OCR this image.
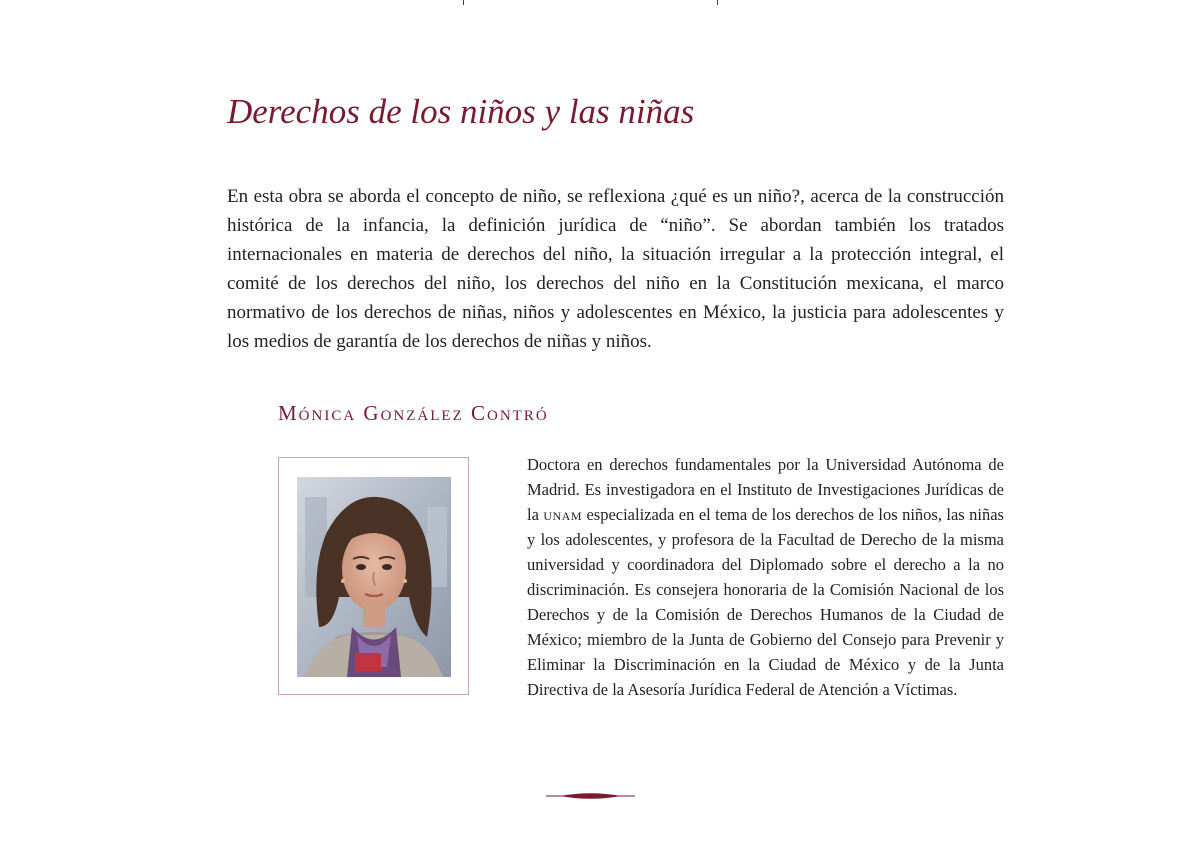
Derechos de los niños y las niñas

En esta obra se aborda el concepto de niño, se reflexiona ¿qué es un niño?, acerca de la construcción histórica de la infancia, la definición jurídica de “niño”. Se abordan también los tratados internacionales en materia de derechos del niño, la situación irregular a la protección integral, el comité de los derechos del niño, los derechos del niño en la Constitución mexicana, el marco normativo de los derechos de niñas, niños y adolescentes en México, la justicia para adolescentes y los medios de garantía de los derechos de niñas y niños.

Mónica González Contró

Doctora en derechos fundamentales por la Universidad Autónoma de Madrid. Es investigadora en el Instituto de Investigaciones Jurídicas de la unam especializada en el tema de los derechos de los niños, las niñas y los adolescentes, y profesora de la Facultad de Derecho de la misma universidad y coordinadora del Diplomado sobre el derecho a la no discriminación. Es consejera honoraria de la Comisión Nacional de los Derechos y de la Comisión de Derechos Humanos de la Ciudad de México; miembro de la Junta de Gobierno del Consejo para Prevenir y Eliminar la Discriminación en la Ciudad de México y de la Junta Directiva de la Asesoría Jurídica Federal de Atención a Víctimas.
